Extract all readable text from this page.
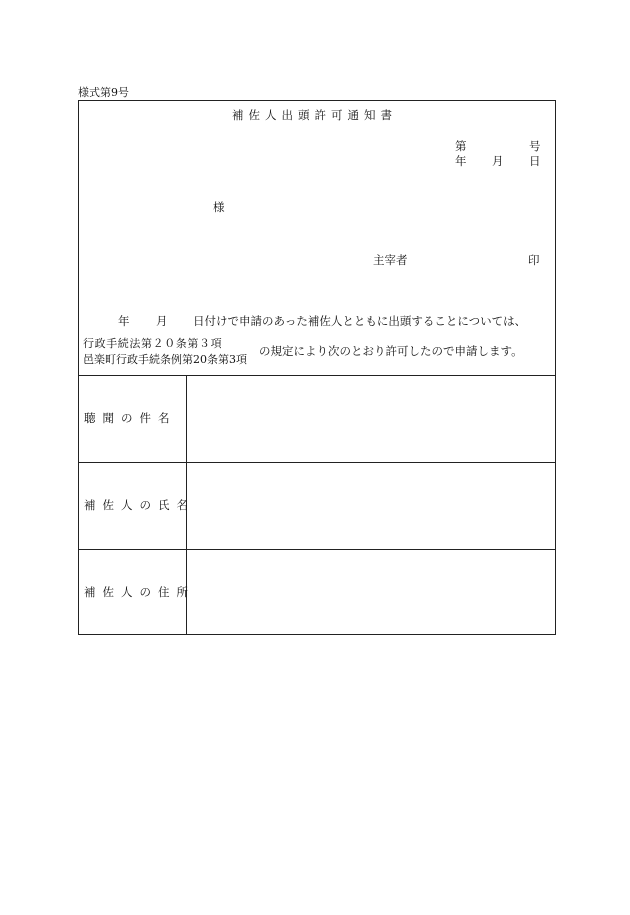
様式第9号
補佐人出頭許可通知書
第	号
年 月 日
様
主宰者	印
年 月 日付けで申請のあった補佐人とともに出頭することについては、
行政手続法第２０条第３項
邑楽町行政手続条例第20条第3項
の規定により次のとおり許可したので申請します。
聴聞の件名
補佐人の氏名
補佐人の住所
